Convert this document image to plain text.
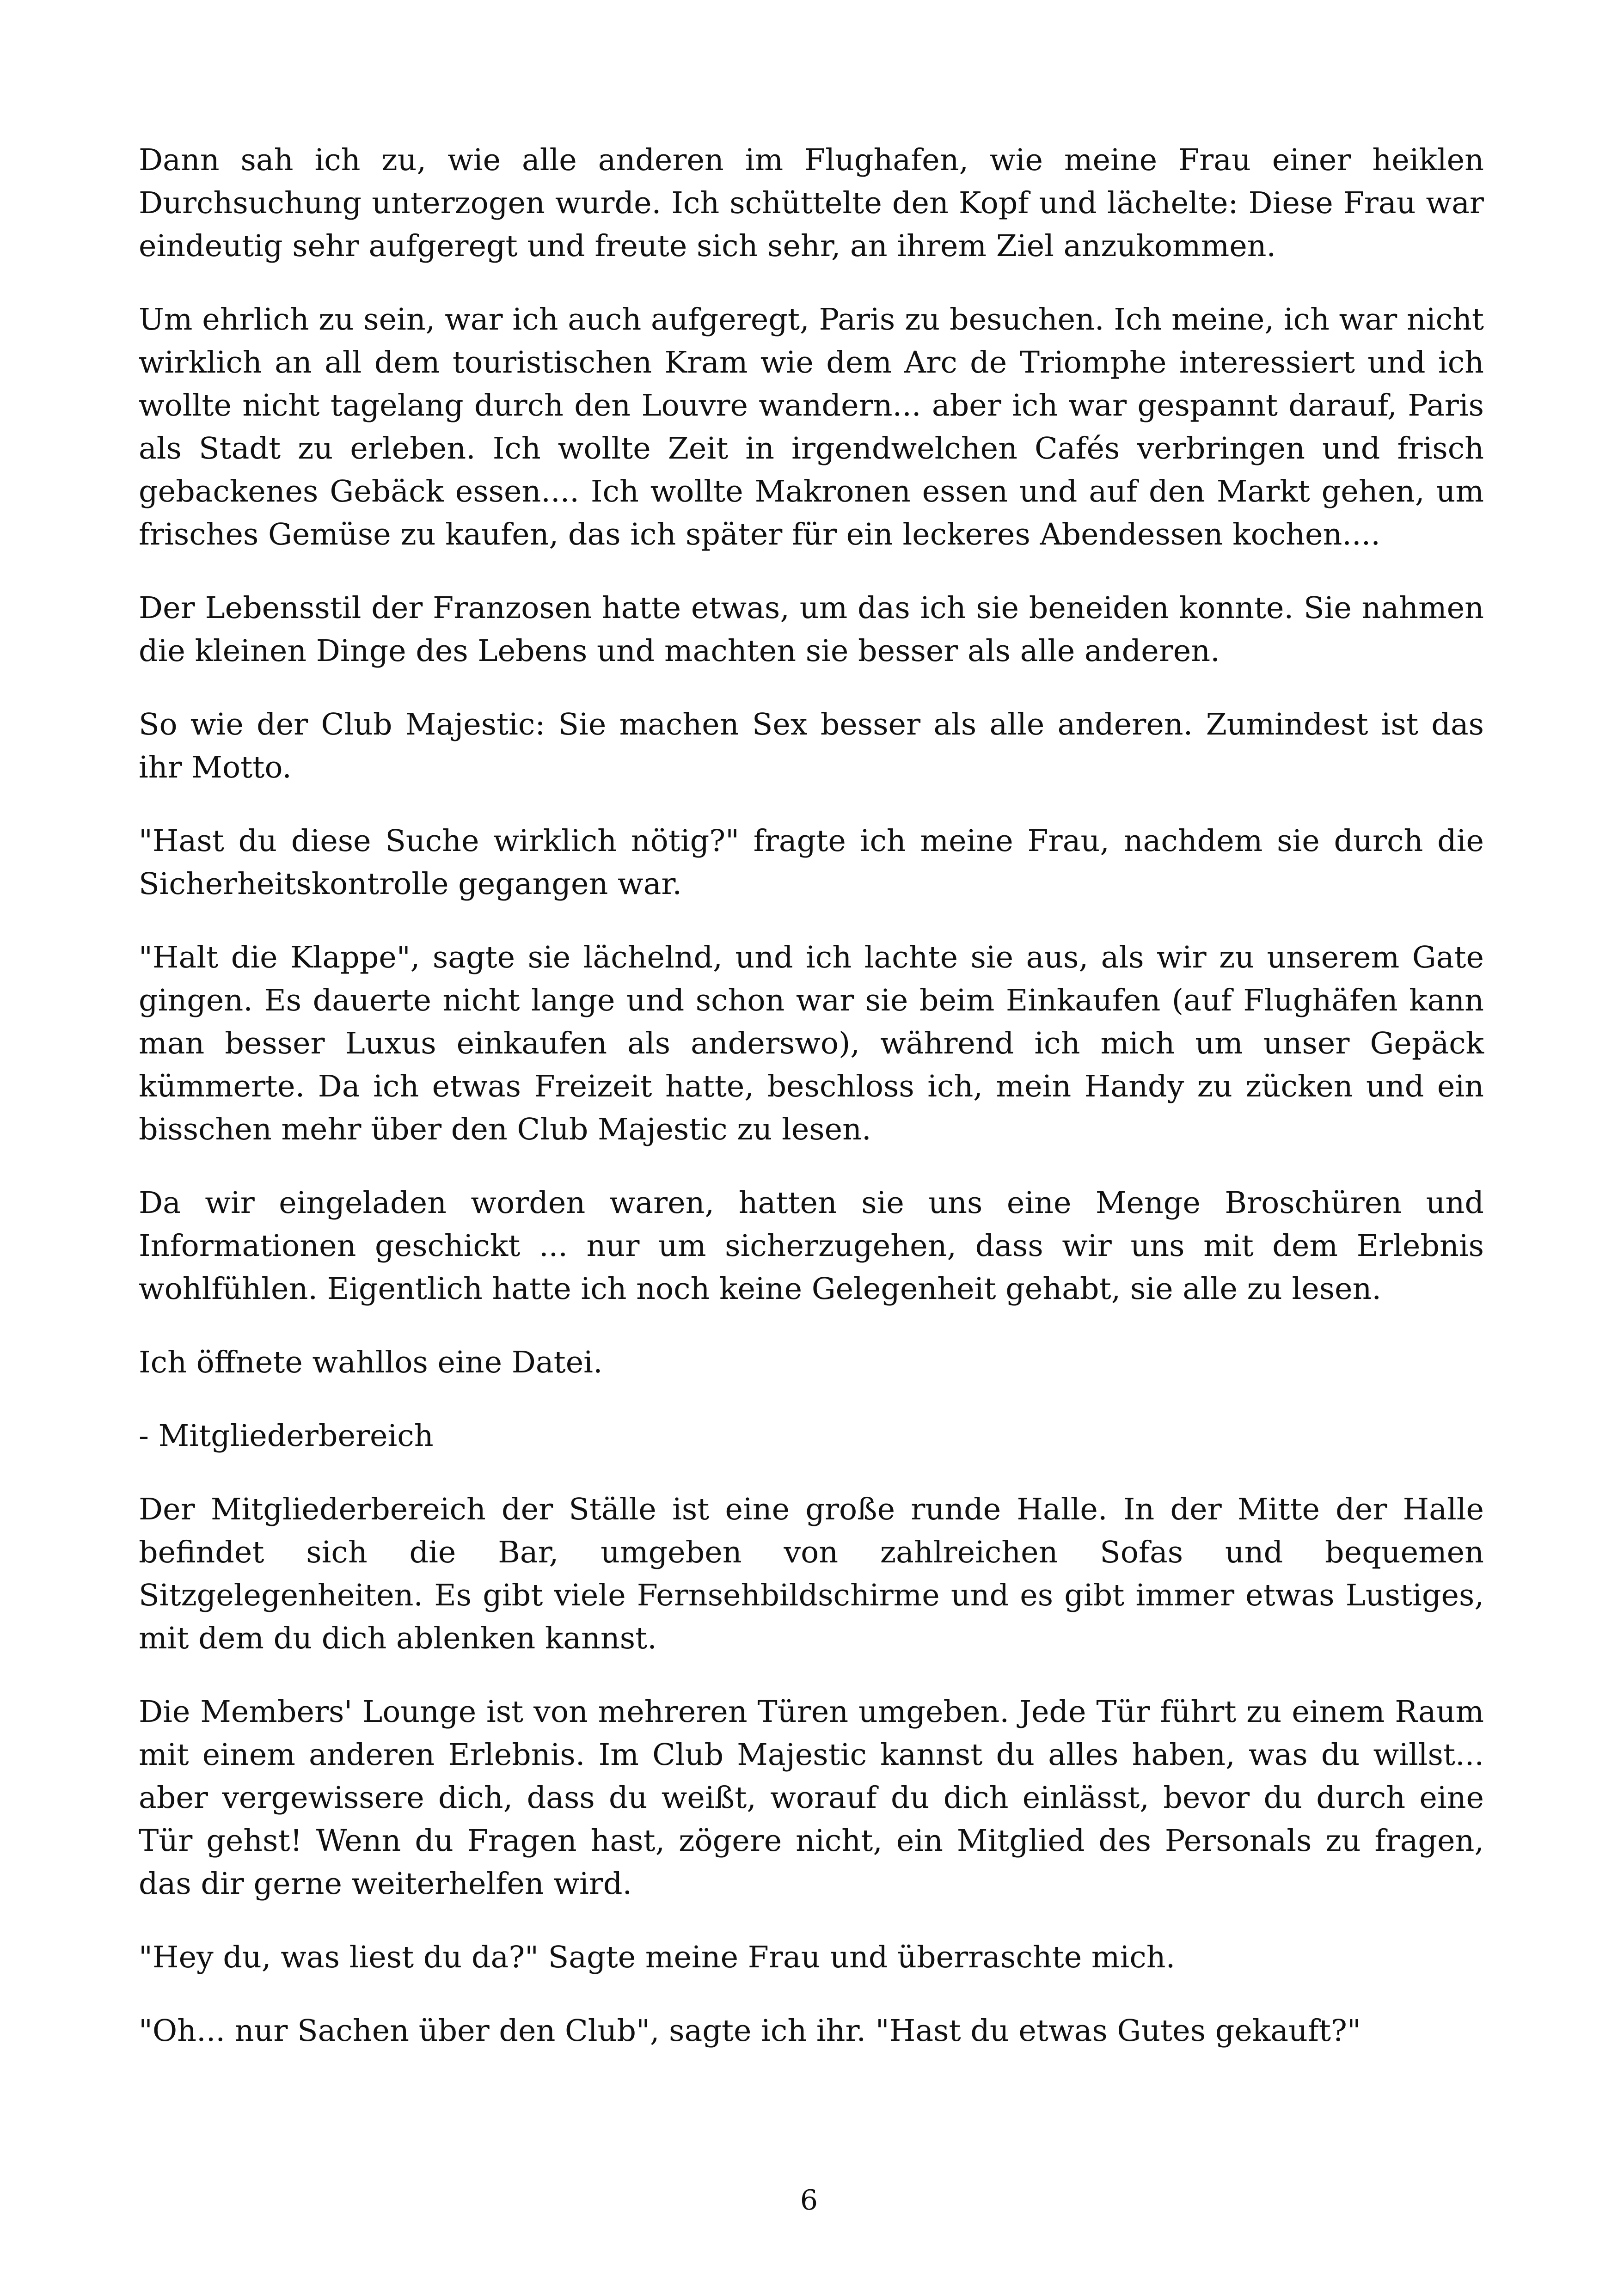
Dann sah ich zu, wie alle anderen im Flughafen, wie meine Frau einer heiklen Durchsuchung unterzogen wurde. Ich schüttelte den Kopf und lächelte: Diese Frau war eindeutig sehr aufgeregt und freute sich sehr, an ihrem Ziel anzukommen.

Um ehrlich zu sein, war ich auch aufgeregt, Paris zu besuchen. Ich meine, ich war nicht wirklich an all dem touristischen Kram wie dem Arc de Triomphe interessiert und ich wollte nicht tagelang durch den Louvre wandern... aber ich war gespannt darauf, Paris als Stadt zu erleben. Ich wollte Zeit in irgendwelchen Cafés verbringen und frisch gebackenes Gebäck essen.... Ich wollte Makronen essen und auf den Markt gehen, um frisches Gemüse zu kaufen, das ich später für ein leckeres Abendessen kochen....

Der Lebensstil der Franzosen hatte etwas, um das ich sie beneiden konnte. Sie nahmen die kleinen Dinge des Lebens und machten sie besser als alle anderen.

So wie der Club Majestic: Sie machen Sex besser als alle anderen. Zumindest ist das ihr Motto.

"Hast du diese Suche wirklich nötig?" fragte ich meine Frau, nachdem sie durch die Sicherheitskontrolle gegangen war.

"Halt die Klappe", sagte sie lächelnd, und ich lachte sie aus, als wir zu unserem Gate gingen. Es dauerte nicht lange und schon war sie beim Einkaufen (auf Flughäfen kann man besser Luxus einkaufen als anderswo), während ich mich um unser Gepäck kümmerte. Da ich etwas Freizeit hatte, beschloss ich, mein Handy zu zücken und ein bisschen mehr über den Club Majestic zu lesen.

Da wir eingeladen worden waren, hatten sie uns eine Menge Broschüren und Informationen geschickt ... nur um sicherzugehen, dass wir uns mit dem Erlebnis wohlfühlen. Eigentlich hatte ich noch keine Gelegenheit gehabt, sie alle zu lesen.

Ich öffnete wahllos eine Datei.

- Mitgliederbereich

Der Mitgliederbereich der Ställe ist eine große runde Halle. In der Mitte der Halle befindet sich die Bar, umgeben von zahlreichen Sofas und bequemen Sitzgelegenheiten. Es gibt viele Fernsehbildschirme und es gibt immer etwas Lustiges, mit dem du dich ablenken kannst.

Die Members' Lounge ist von mehreren Türen umgeben. Jede Tür führt zu einem Raum mit einem anderen Erlebnis. Im Club Majestic kannst du alles haben, was du willst... aber vergewissere dich, dass du weißt, worauf du dich einlässt, bevor du durch eine Tür gehst! Wenn du Fragen hast, zögere nicht, ein Mitglied des Personals zu fragen, das dir gerne weiterhelfen wird.

"Hey du, was liest du da?" Sagte meine Frau und überraschte mich.

"Oh... nur Sachen über den Club", sagte ich ihr. "Hast du etwas Gutes gekauft?"

6
